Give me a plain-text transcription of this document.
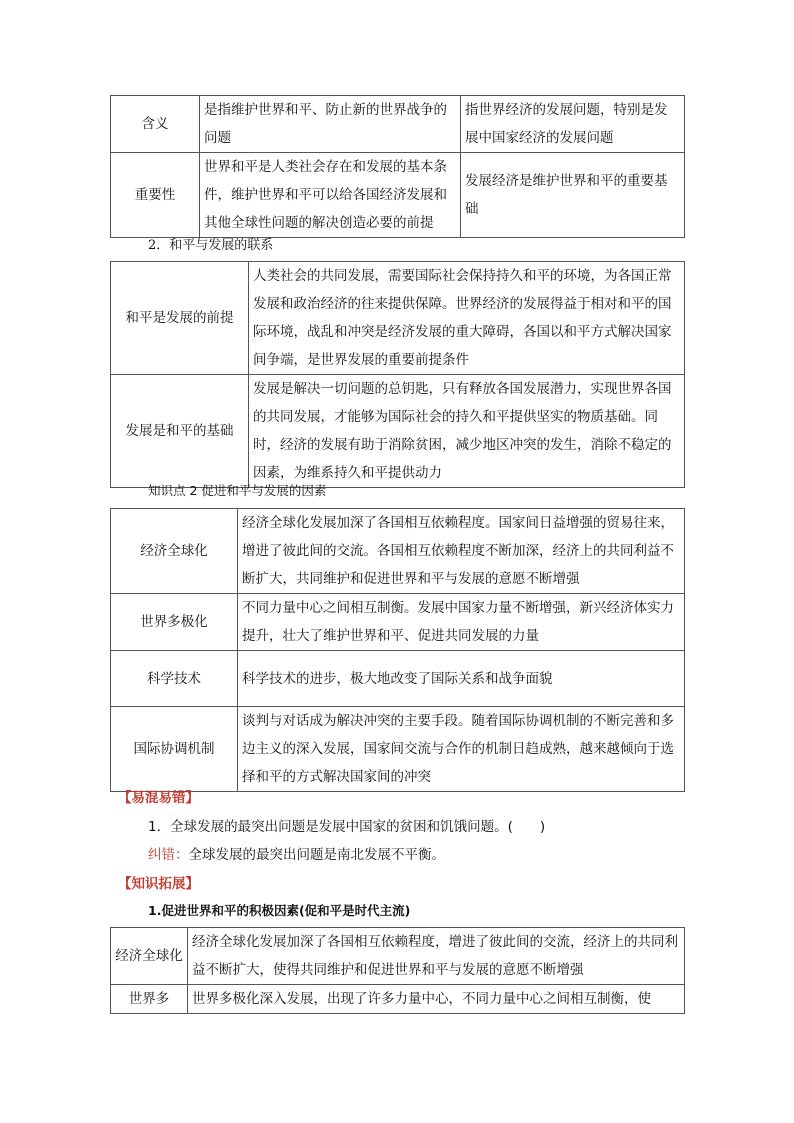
含义	是指维护世界和平、防止新的世界战争的问题	指世界经济的发展问题，特别是发展中国家经济的发展问题
重要性	世界和平是人类社会存在和发展的基本条件，维护世界和平可以给各国经济发展和其他全球性问题的解决创造必要的前提	发展经济是维护世界和平的重要基础
2．和平与发展的联系
和平是发展的前提	人类社会的共同发展，需要国际社会保持持久和平的环境，为各国正常发展和政治经济的往来提供保障。世界经济的发展得益于相对和平的国际环境，战乱和冲突是经济发展的重大障碍，各国以和平方式解决国家间争端，是世界发展的重要前提条件
发展是和平的基础	发展是解决一切问题的总钥匙，只有释放各国发展潜力，实现世界各国的共同发展，才能够为国际社会的持久和平提供坚实的物质基础。同时，经济的发展有助于消除贫困，减少地区冲突的发生，消除不稳定的因素，为维系持久和平提供动力
知识点 2 促进和平与发展的因素
经济全球化	经济全球化发展加深了各国相互依赖程度。国家间日益增强的贸易往来，增进了彼此间的交流。各国相互依赖程度不断加深，经济上的共同利益不断扩大，共同维护和促进世界和平与发展的意愿不断增强
世界多极化	不同力量中心之间相互制衡。发展中国家力量不断增强，新兴经济体实力提升，壮大了维护世界和平、促进共同发展的力量
科学技术	科学技术的进步，极大地改变了国际关系和战争面貌
国际协调机制	谈判与对话成为解决冲突的主要手段。随着国际协调机制的不断完善和多边主义的深入发展，国家间交流与合作的机制日趋成熟，越来越倾向于选择和平的方式解决国家间的冲突
【易混易错】
1．全球发展的最突出问题是发展中国家的贫困和饥饿问题。(　　)
纠错：全球发展的最突出问题是南北发展不平衡。
【知识拓展】
1.促进世界和平的积极因素(促和平是时代主流)
经济全球化	经济全球化发展加深了各国相互依赖程度，增进了彼此间的交流，经济上的共同利益不断扩大，使得共同维护和促进世界和平与发展的意愿不断增强
世界多	世界多极化深入发展，出现了许多力量中心，不同力量中心之间相互制衡，使
